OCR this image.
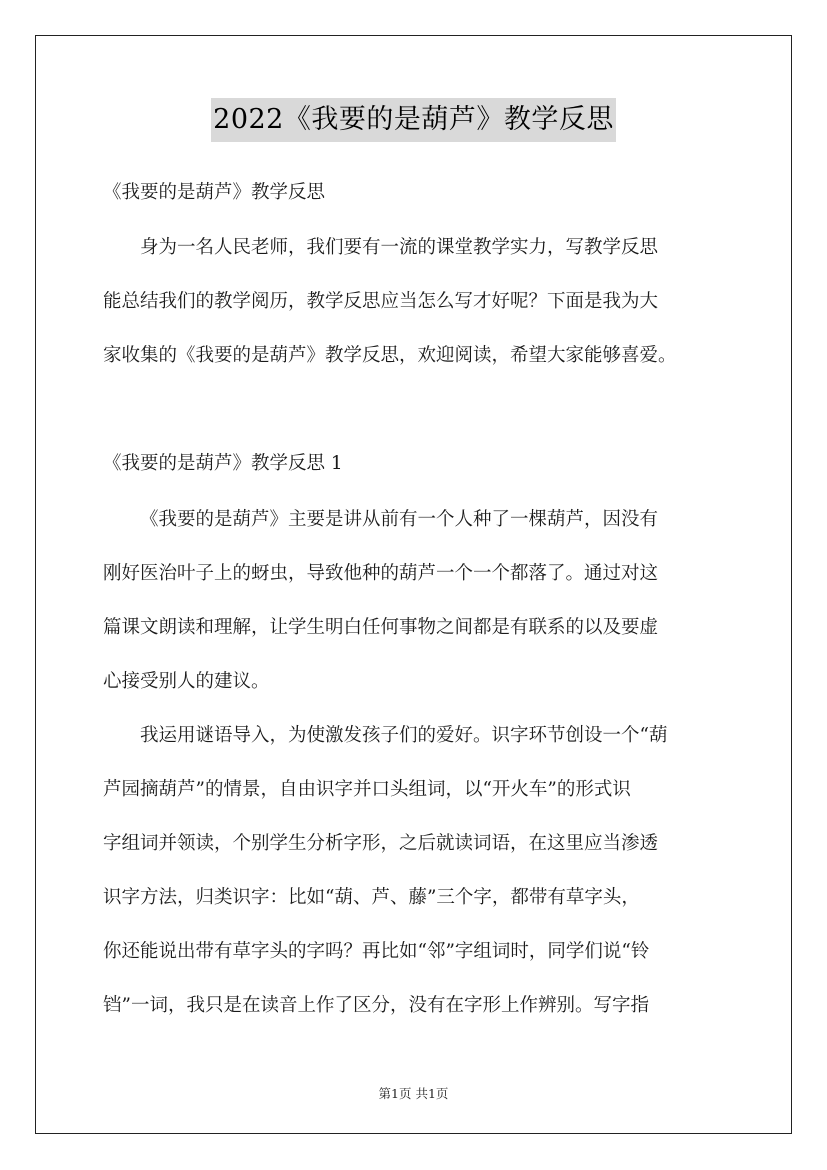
2022《我要的是葫芦》教学反思
《我要的是葫芦》教学反思
身为一名人民老师，我们要有一流的课堂教学实力，写教学反思
能总结我们的教学阅历，教学反思应当怎么写才好呢？下面是我为大
家收集的《我要的是葫芦》教学反思，欢迎阅读，希望大家能够喜爱。
《我要的是葫芦》教学反思 1
《我要的是葫芦》主要是讲从前有一个人种了一棵葫芦，因没有
刚好医治叶子上的蚜虫，导致他种的葫芦一个一个都落了。通过对这
篇课文朗读和理解，让学生明白任何事物之间都是有联系的以及要虚
心接受别人的建议。
我运用谜语导入，为使激发孩子们的爱好。识字环节创设一个“葫
芦园摘葫芦”的情景，自由识字并口头组词，以“开火车”的形式识
字组词并领读，个别学生分析字形，之后就读词语，在这里应当渗透
识字方法，归类识字：比如“葫、芦、藤”三个字，都带有草字头，
你还能说出带有草字头的字吗？再比如“邻”字组词时，同学们说“铃
铛”一词，我只是在读音上作了区分，没有在字形上作辨别。写字指
第1页 共1页
